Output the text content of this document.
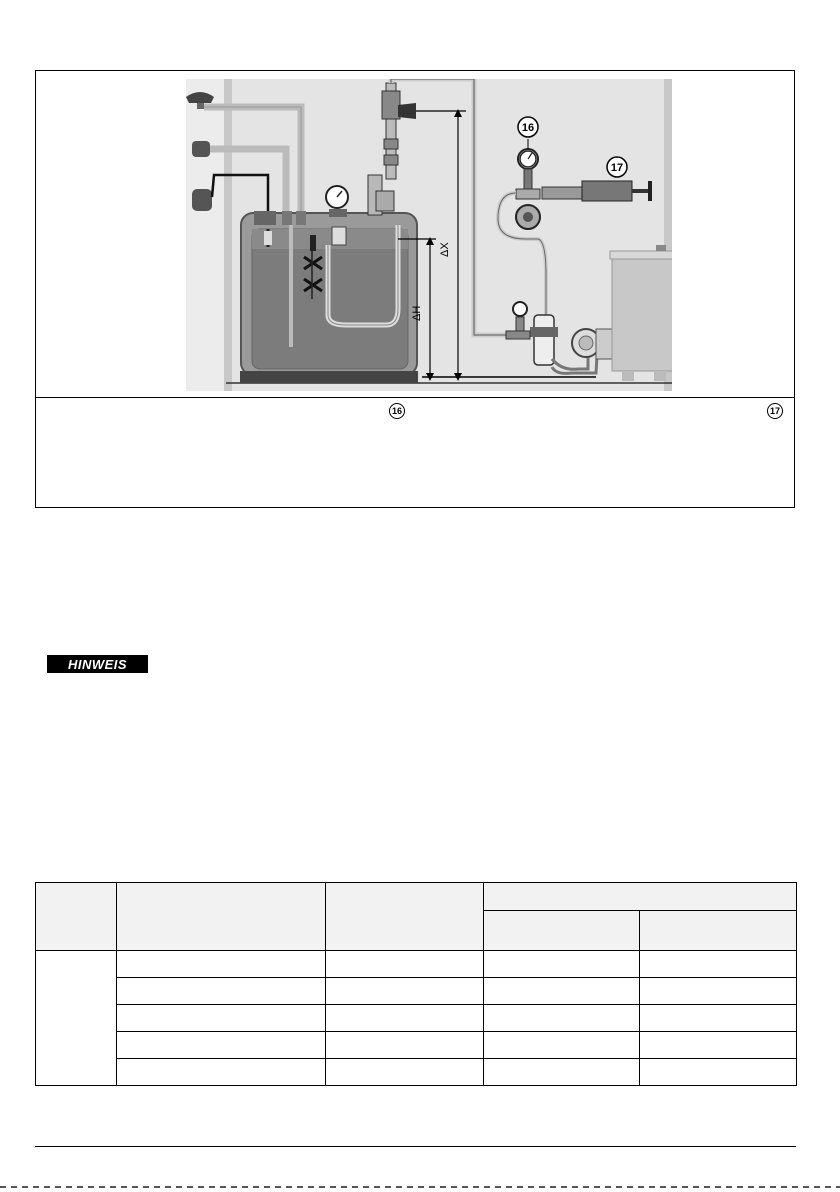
ΔX
ΔH
16
17
16	17
HINWEIS
